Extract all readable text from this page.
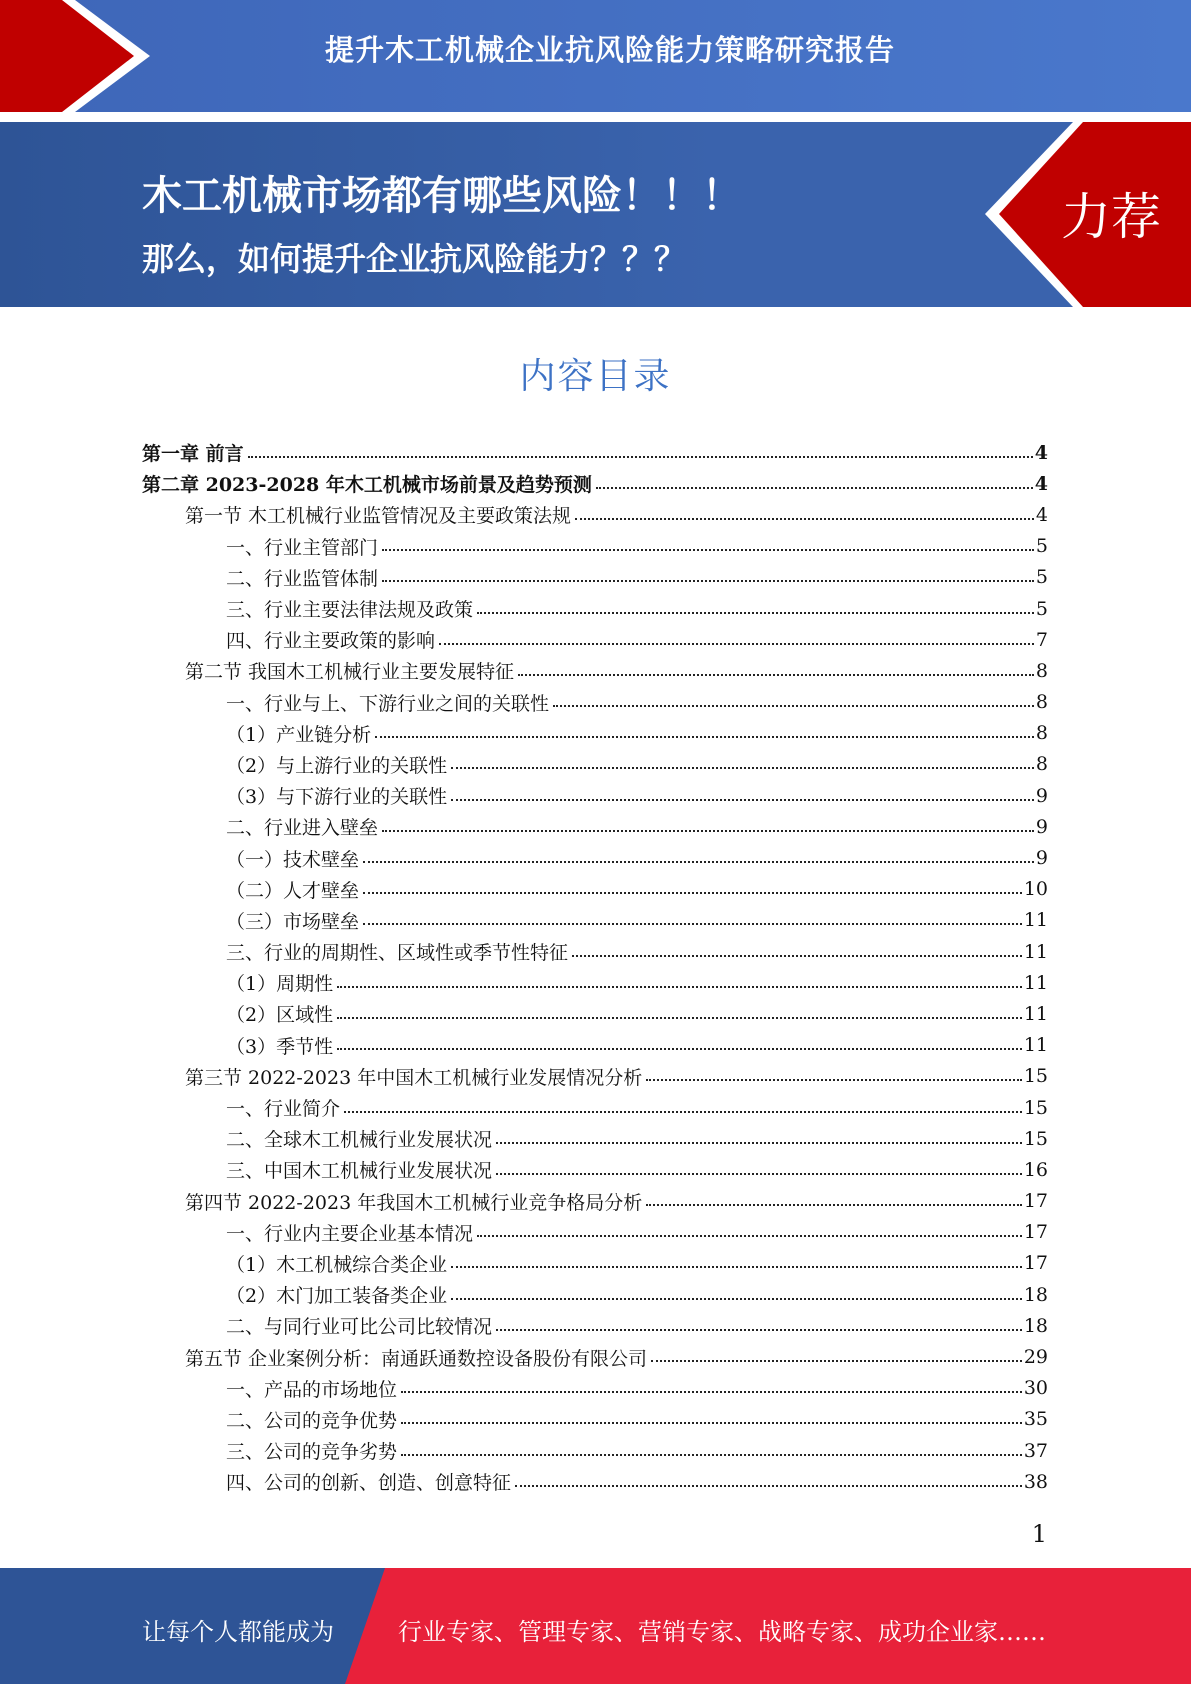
提升木工机械企业抗风险能力策略研究报告
木工机械市场都有哪些风险！！！
那么，如何提升企业抗风险能力？？？
力荐
内容目录
第一章 前言	4
第二章 2023-2028 年木工机械市场前景及趋势预测	4
第一节 木工机械行业监管情况及主要政策法规	4
一、行业主管部门	5
二、行业监管体制	5
三、行业主要法律法规及政策	5
四、行业主要政策的影响	7
第二节 我国木工机械行业主要发展特征	8
一、行业与上、下游行业之间的关联性	8
（1）产业链分析	8
（2）与上游行业的关联性	8
（3）与下游行业的关联性	9
二、行业进入壁垒	9
（一）技术壁垒	9
（二）人才壁垒	10
（三）市场壁垒	11
三、行业的周期性、区域性或季节性特征	11
（1）周期性	11
（2）区域性	11
（3）季节性	11
第三节 2022-2023 年中国木工机械行业发展情况分析	15
一、行业简介	15
二、全球木工机械行业发展状况	15
三、中国木工机械行业发展状况	16
第四节 2022-2023 年我国木工机械行业竞争格局分析	17
一、行业内主要企业基本情况	17
（1）木工机械综合类企业	17
（2）木门加工装备类企业	18
二、与同行业可比公司比较情况	18
第五节 企业案例分析：南通跃通数控设备股份有限公司	29
一、产品的市场地位	30
二、公司的竞争优势	35
三、公司的竞争劣势	37
四、公司的创新、创造、创意特征	38
1
让每个人都能成为	行业专家、管理专家、营销专家、战略专家、成功企业家……
